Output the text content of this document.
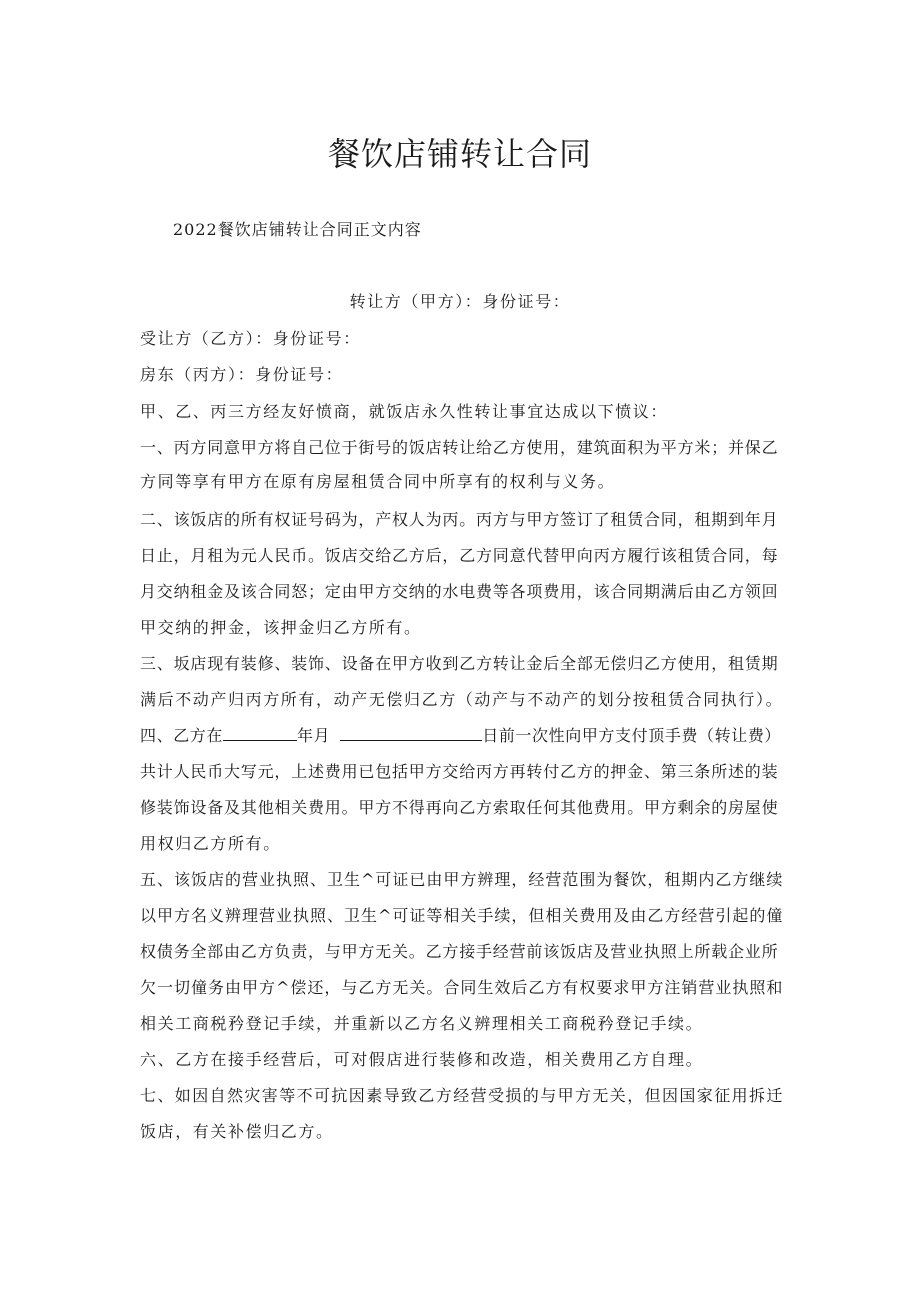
餐饮店铺转让合同
2022餐饮店铺转让合同正文内容
转让方（甲方）：身份证号：
受让方（乙方）：身份证号：
房东（丙方）：身份证号：
甲、乙、丙三方经友好愤商，就饭店永久性转让事宜达成以下愤议：
一、丙方同意甲方将自己位于街号的饭店转让给乙方使用，建筑面积为平方米；并保乙
方同等享有甲方在原有房屋租赁合同中所享有的权利与义务。
二、该饭店的所有权证号码为，产权人为丙。丙方与甲方签订了租赁合同，租期到年月
日止，月租为元人民币。饭店交给乙方后，乙方同意代替甲向丙方履行该租赁合同，每
月交纳租金及该合同怒；定由甲方交纳的水电费等各项费用，该合同期满后由乙方领回
甲交纳的押金，该押金归乙方所有。
三、坂店现有装修、装饰、设备在甲方收到乙方转让金后全部无偿归乙方使用，租赁期
满后不动产归丙方所有，动产无偿归乙方（动产与不动产的划分按租赁合同执行）。
四、乙方在	年月	日前一次性向甲方支付顶手费（转让费）
共计人民币大写元，上述费用已包括甲方交给丙方再转付乙方的押金、第三条所述的装
修装饰设备及其他相关费用。甲方不得再向乙方索取任何其他费用。甲方剩余的房屋使
用权归乙方所有。
五、该饭店的营业执照、卫生^可证已由甲方辨理，经营范围为餐饮，租期内乙方继续
以甲方名义辨理营业执照、卫生^可证等相关手续，但相关费用及由乙方经营引起的僮
权债务全部由乙方负责，与甲方无关。乙方接手经营前该饭店及营业执照上所载企业所
欠一切僮务由甲方^偿还，与乙方无关。合同生效后乙方有权要求甲方注销营业执照和
相关工商税矜登记手续，并重新以乙方名义辨理相关工商税矜登记手续。
六、乙方在接手经营后，可对假店进行装修和改造，相关费用乙方自理。
七、如因自然灾害等不可抗因素导致乙方经营受损的与甲方无关，但因国家征用拆迁
饭店，有关补偿归乙方。
